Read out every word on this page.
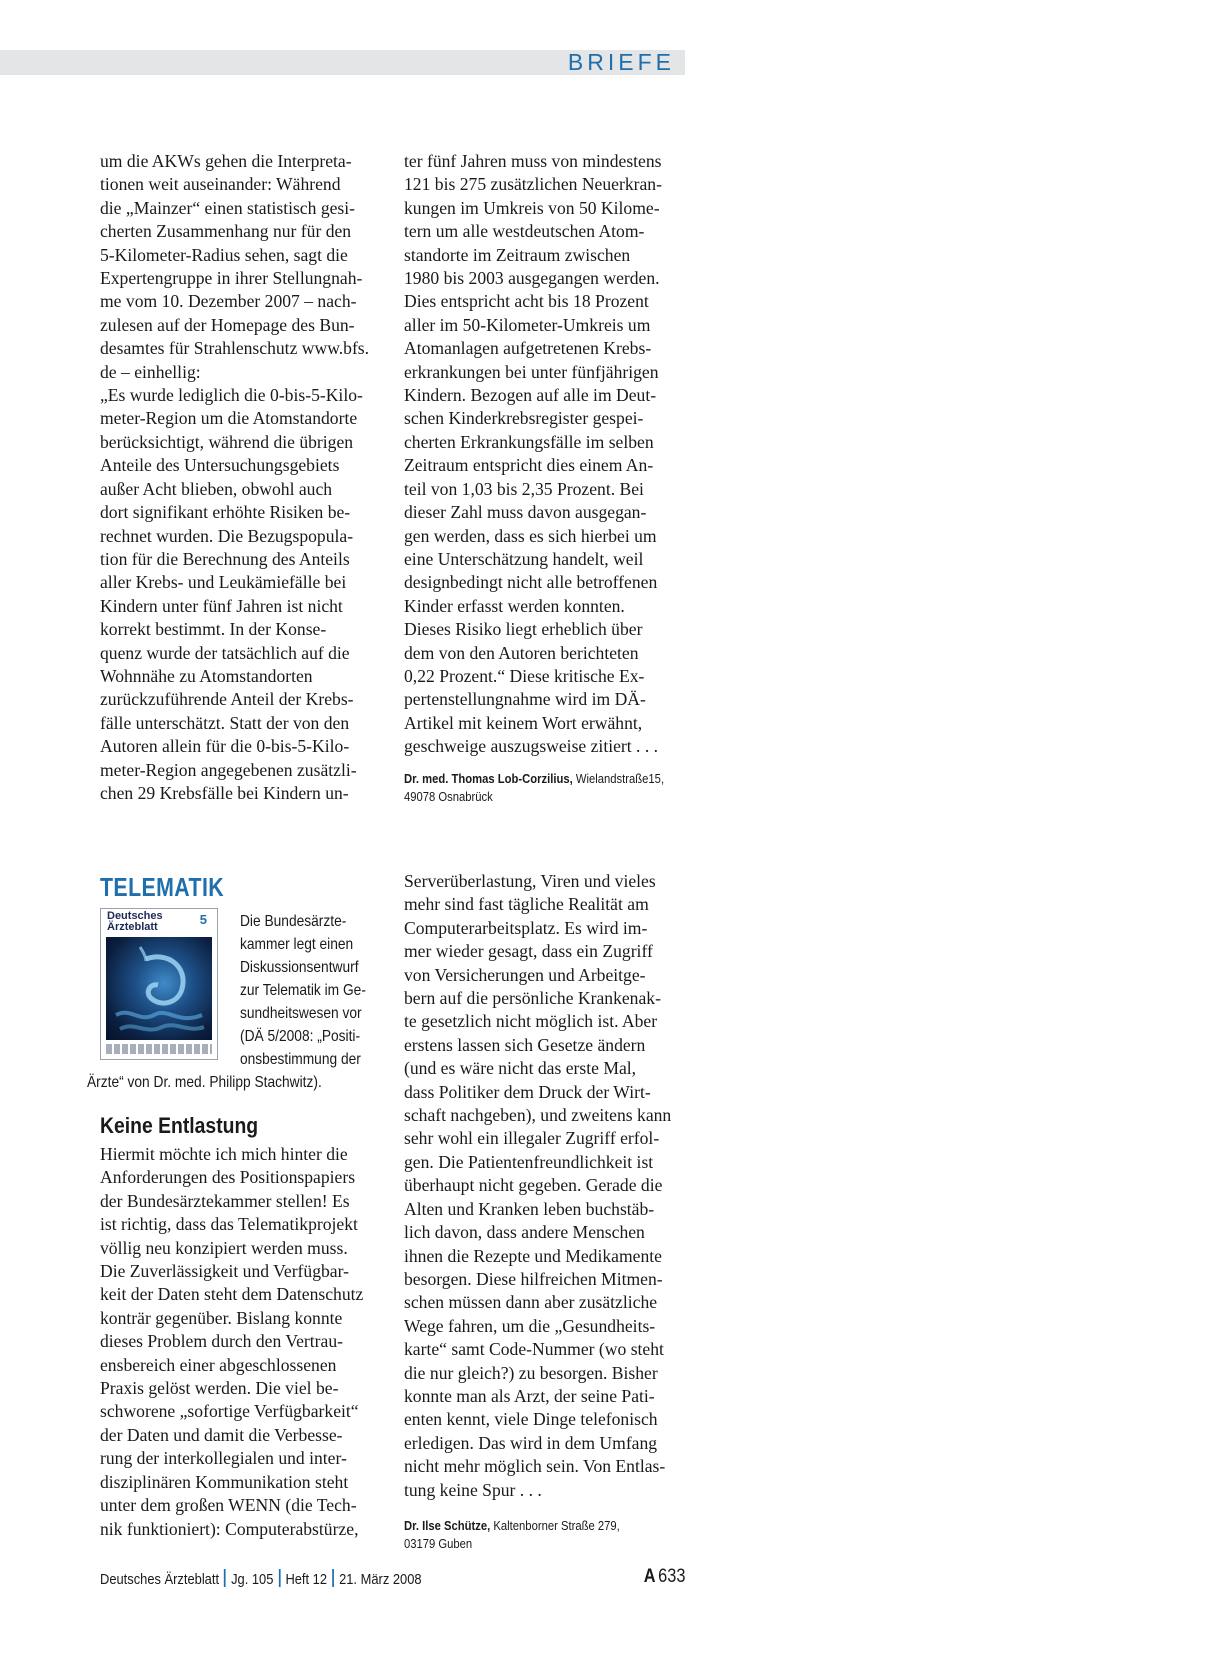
BRIEFE

um die AKWs gehen die Interpreta-

tionen weit auseinander: Während

die „Mainzer“ einen statistisch gesi-

cherten Zusammenhang nur für den

5-Kilometer-Radius sehen, sagt die

Expertengruppe in ihrer Stellungnah-

me vom 10. Dezember 2007 – nach-

zulesen auf der Homepage des Bun-

desamtes für Strahlenschutz www.bfs.

de – einhellig:

„Es wurde lediglich die 0-bis-5-Kilo-

meter-Region um die Atomstandorte

berücksichtigt, während die übrigen

Anteile des Untersuchungsgebiets

außer Acht blieben, obwohl auch

dort signifikant erhöhte Risiken be-

rechnet wurden. Die Bezugspopula-

tion für die Berechnung des Anteils

aller Krebs- und Leukämiefälle bei

Kindern unter fünf Jahren ist nicht

korrekt bestimmt. In der Konse-

quenz wurde der tatsächlich auf die

Wohnnähe zu Atomstandorten

zurückzuführende Anteil der Krebs-

fälle unterschätzt. Statt der von den

Autoren allein für die 0-bis-5-Kilo-

meter-Region angegebenen zusätzli-

chen 29 Krebsfälle bei Kindern un-

ter fünf Jahren muss von mindestens

121 bis 275 zusätzlichen Neuerkran-

kungen im Umkreis von 50 Kilome-

tern um alle westdeutschen Atom-

standorte im Zeitraum zwischen

1980 bis 2003 ausgegangen werden.

Dies entspricht acht bis 18 Prozent

aller im 50-Kilometer-Umkreis um

Atomanlagen aufgetretenen Krebs-

erkrankungen bei unter fünfjährigen

Kindern. Bezogen auf alle im Deut-

schen Kinderkrebsregister gespei-

cherten Erkrankungsfälle im selben

Zeitraum entspricht dies einem An-

teil von 1,03 bis 2,35 Prozent. Bei

dieser Zahl muss davon ausgegan-

gen werden, dass es sich hierbei um

eine Unterschätzung handelt, weil

designbedingt nicht alle betroffenen

Kinder erfasst werden konnten.

Dieses Risiko liegt erheblich über

dem von den Autoren berichteten

0,22 Prozent.“ Diese kritische Ex-

pertenstellungnahme wird im DÄ-

Artikel mit keinem Wort erwähnt,

geschweige auszugsweise zitiert . . .

Dr. med. Thomas Lob-Corzilius, Wielandstraße15,
49078 Osnabrück
TELEMATIK
Deutsches
Ärzteblatt	5 Die Bundesärzte-

kammer legt einen

Diskussionsentwurf

zur Telematik im Ge-

sundheitswesen vor

(DÄ 5/2008: „Positi-

onsbestimmung der

Ärzte“ von Dr. med. Philipp Stachwitz).

Keine Entlastung

Hiermit möchte ich mich hinter die

Anforderungen des Positionspapiers

der Bundesärztekammer stellen! Es

ist richtig, dass das Telematikprojekt

völlig neu konzipiert werden muss.

Die Zuverlässigkeit und Verfügbar-

keit der Daten steht dem Datenschutz

konträr gegenüber. Bislang konnte

dieses Problem durch den Vertrau-

ensbereich einer abgeschlossenen

Praxis gelöst werden. Die viel be-

schworene „sofortige Verfügbarkeit“

der Daten und damit die Verbesse-

rung der interkollegialen und inter-

disziplinären Kommunikation steht

unter dem großen WENN (die Tech-

nik funktioniert): Computerabstürze,

Serverüberlastung, Viren und vieles

mehr sind fast tägliche Realität am

Computerarbeitsplatz. Es wird im-

mer wieder gesagt, dass ein Zugriff

von Versicherungen und Arbeitge-

bern auf die persönliche Krankenak-

te gesetzlich nicht möglich ist. Aber

erstens lassen sich Gesetze ändern

(und es wäre nicht das erste Mal,

dass Politiker dem Druck der Wirt-

schaft nachgeben), und zweitens kann

sehr wohl ein illegaler Zugriff erfol-

gen. Die Patientenfreundlichkeit ist

überhaupt nicht gegeben. Gerade die

Alten und Kranken leben buchstäb-

lich davon, dass andere Menschen

ihnen die Rezepte und Medikamente

besorgen. Diese hilfreichen Mitmen-

schen müssen dann aber zusätzliche

Wege fahren, um die „Gesundheits-

karte“ samt Code-Nummer (wo steht

die nur gleich?) zu besorgen. Bisher

konnte man als Arzt, der seine Pati-

enten kennt, viele Dinge telefonisch

erledigen. Das wird in dem Umfang

nicht mehr möglich sein. Von Entlas-

tung keine Spur . . .

Dr. Ilse Schütze, Kaltenborner Straße 279,
03179 Guben
Deutsches Ärzteblatt Jg. 105 Heft 12 21. März 2008	A 633
